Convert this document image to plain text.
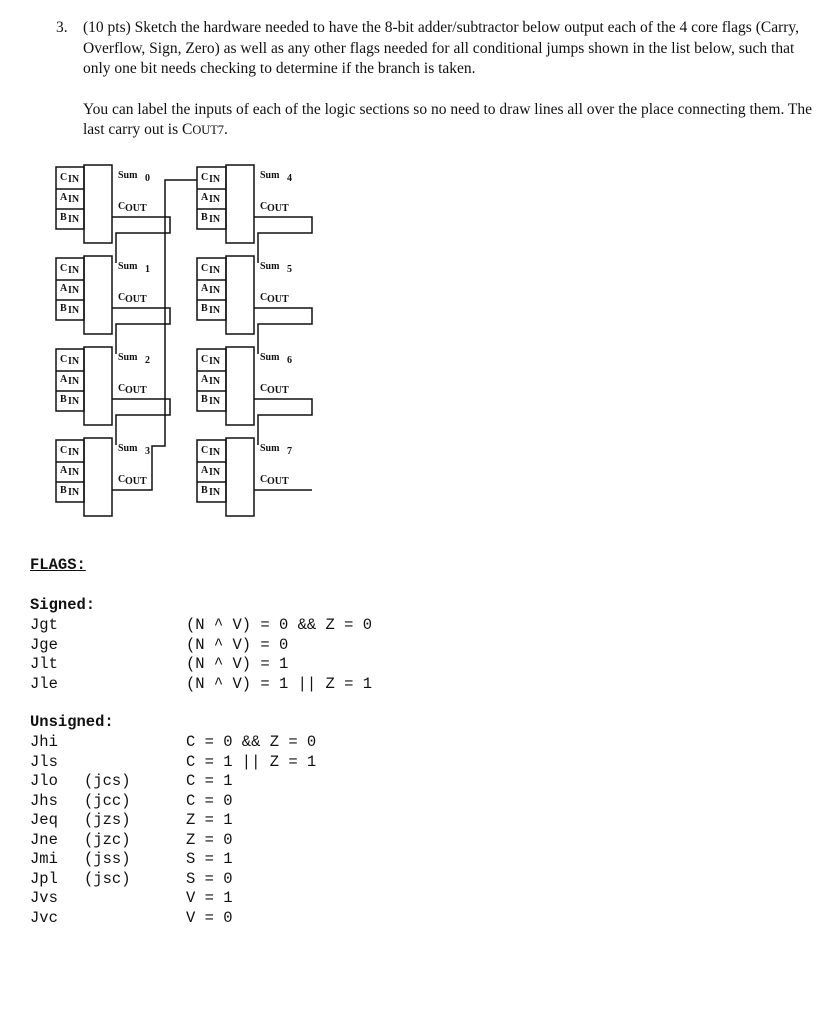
3. (10 pts) Sketch the hardware needed to have the 8-bit adder/subtractor below output each of the 4 core flags (Carry, Overflow, Sign, Zero) as well as any other flags needed for all conditional jumps shown in the list below, such that only one bit needs checking to determine if the branch is taken.
You can label the inputs of each of the logic sections so no need to draw lines all over the place connecting them. The last carry out is COUT7.
C IN
A IN
B IN
Sum 0
C OUT
C IN
A IN
B IN
Sum 1
C OUT
C IN
A IN
B IN
Sum 2
C OUT
C IN
A IN
B IN
Sum 3
C OUT
C IN
A IN
B IN
Sum 4
C OUT
C IN
A IN
B IN
Sum 5
C OUT
C IN
A IN
B IN
Sum 6
C OUT
C IN
A IN
B IN
Sum 7
C OUT
FLAGS:
Signed:
Jgt	(N ^ V) = 0 && Z = 0
Jge	(N ^ V) = 0
Jlt	(N ^ V) = 1
Jle	(N ^ V) = 1 || Z = 1
Unsigned:
Jhi	C = 0 && Z = 0
Jls	C = 1 || Z = 1
Jlo (jcs)	C = 1
Jhs (jcc)	C = 0
Jeq (jzs)	Z = 1
Jne (jzc)	Z = 0
Jmi (jss)	S = 1
Jpl (jsc)	S = 0
Jvs	V = 1
Jvc	V = 0
